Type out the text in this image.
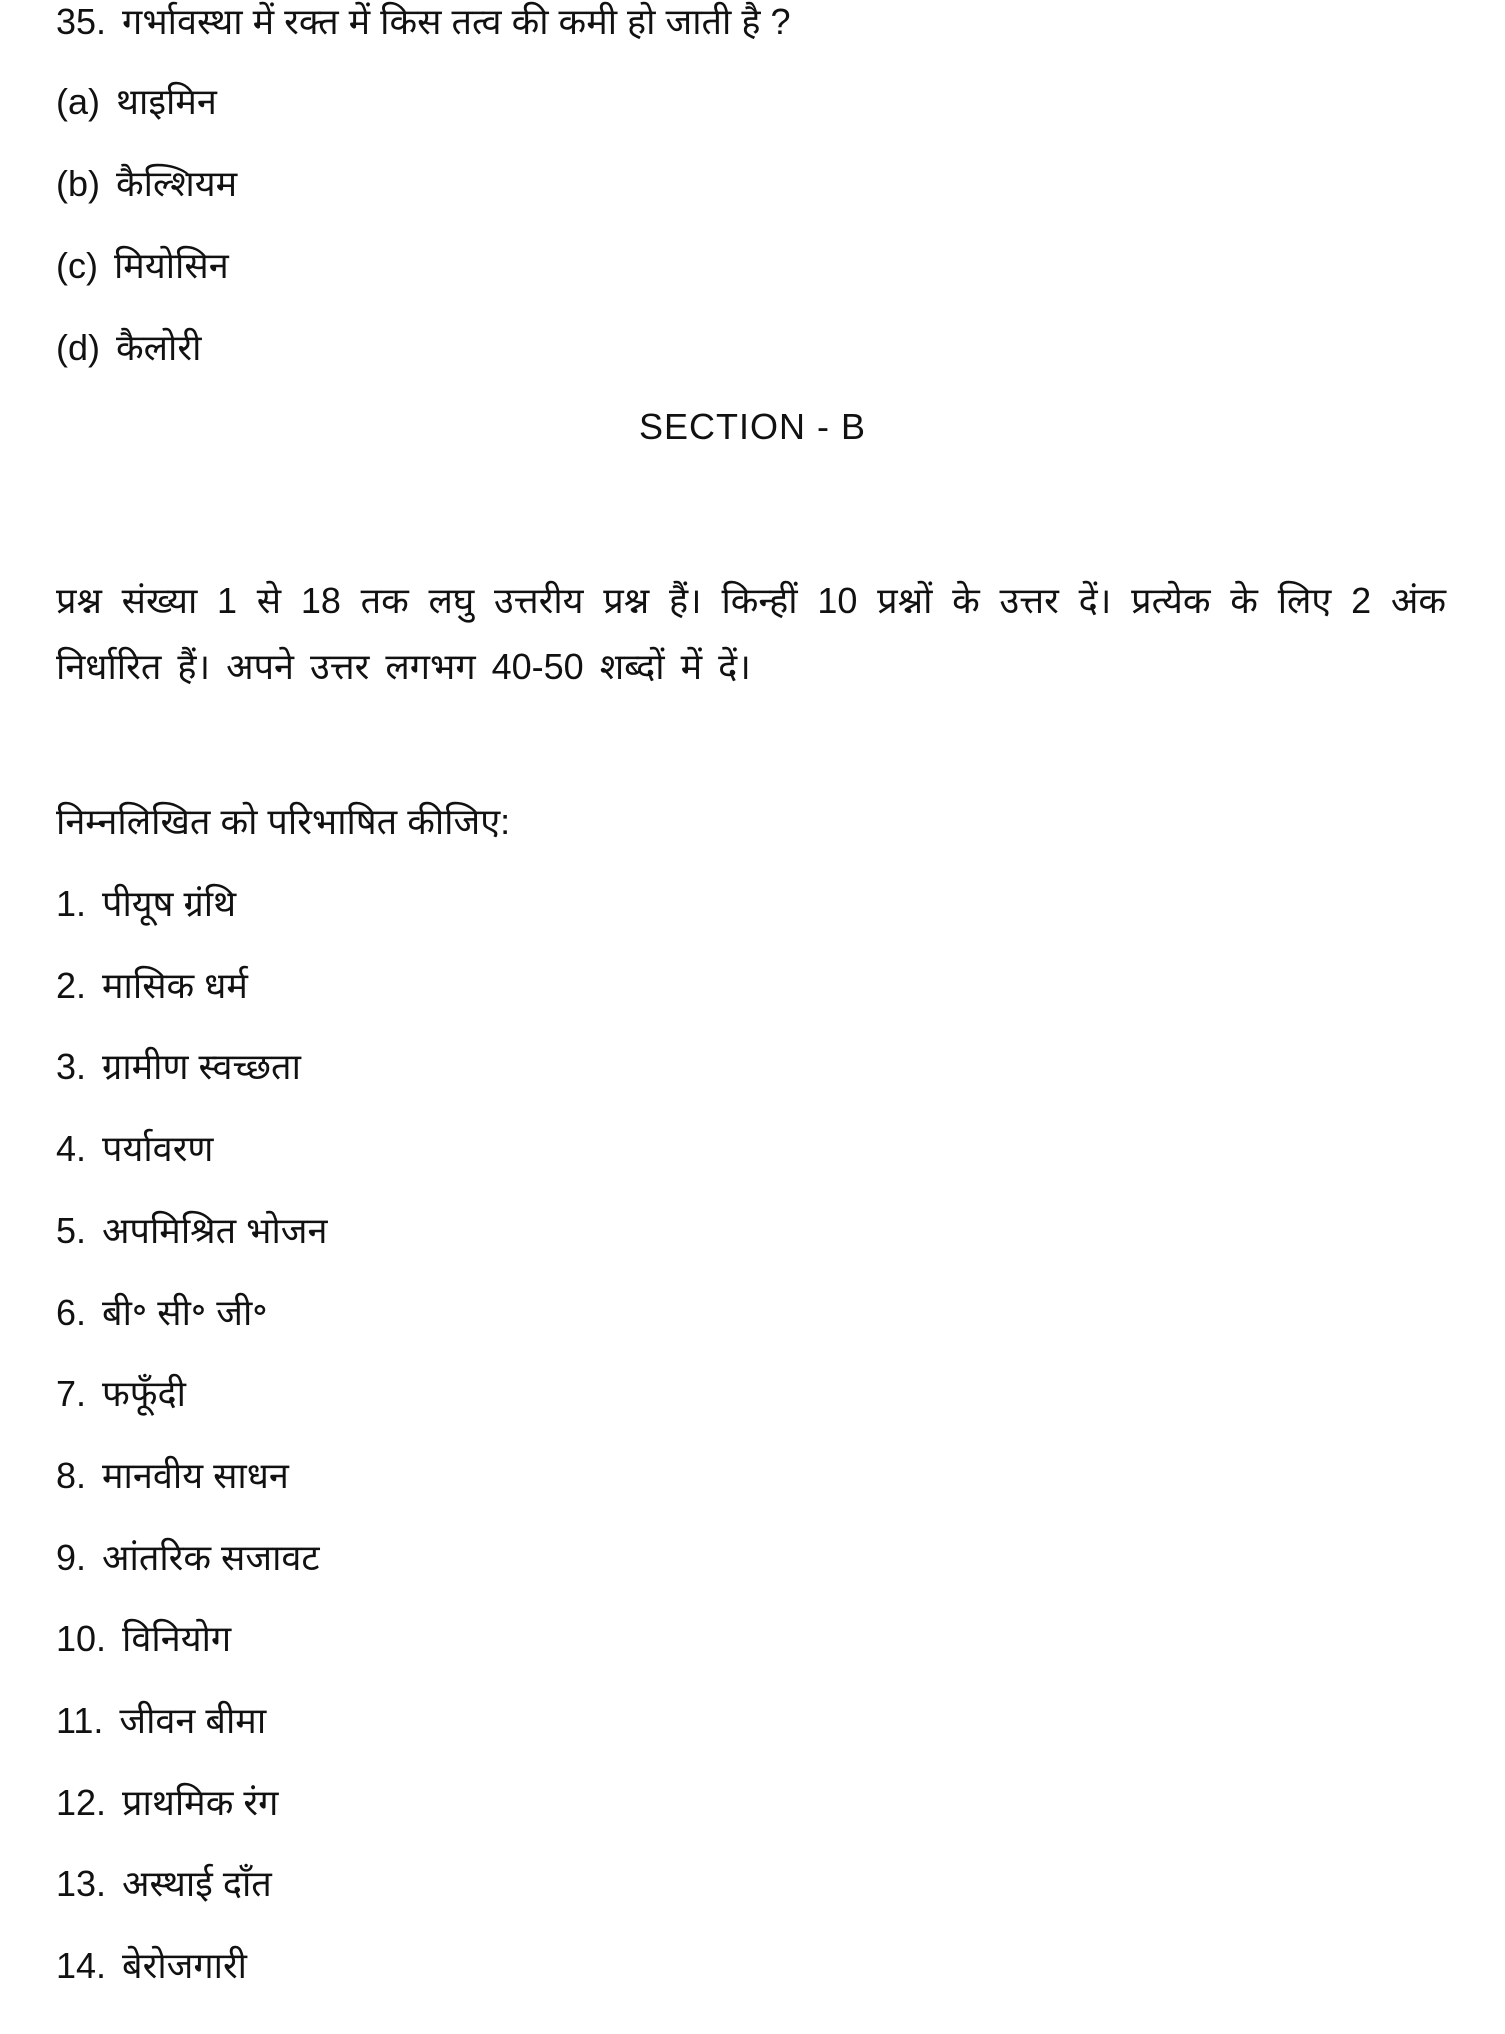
35. गर्भावस्था में रक्त में किस तत्व की कमी हो जाती है ?
(a) थाइमिन
(b) कैल्शियम
(c) मियोसिन
(d) कैलोरी
SECTION - B
प्रश्न संख्या 1 से 18 तक लघु उत्तरीय प्रश्न हैं। किन्हीं 10 प्रश्नों के उत्तर दें। प्रत्येक के लिए 2 अंक निर्धारित हैं। अपने उत्तर लगभग 40-50 शब्दों में दें।
निम्नलिखित को परिभाषित कीजिए:
1. पीयूष ग्रंथि
2. मासिक धर्म
3. ग्रामीण स्वच्छता
4. पर्यावरण
5. अपमिश्रित भोजन
6. बी॰ सी॰ जी॰
7. फफूँदी
8. मानवीय साधन
9. आंतरिक सजावट
10. विनियोग
11. जीवन बीमा
12. प्राथमिक रंग
13. अस्थाई दाँत
14. बेरोजगारी
